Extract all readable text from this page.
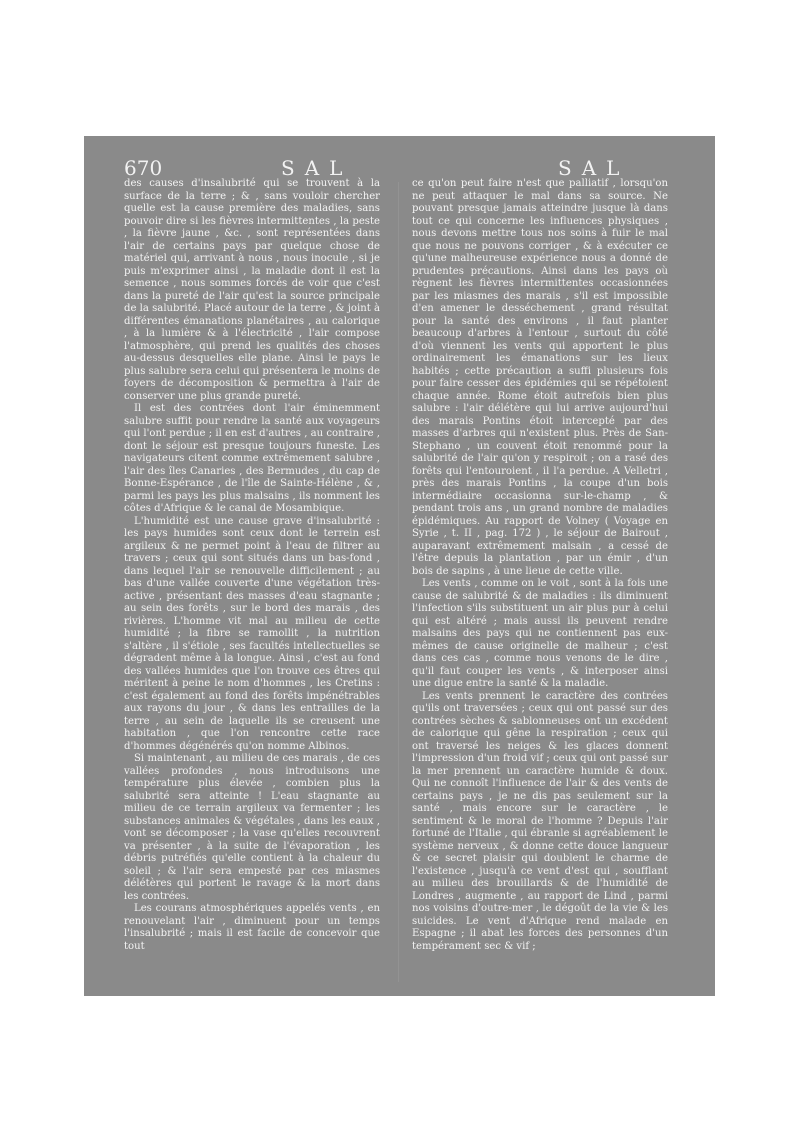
670	SAL	SAL

des causes d'insalubrité qui se trouvent à la surface de la terre ; & , sans vouloir chercher quelle est la cause première des maladies, sans pouvoir dire si les fièvres intermittentes , la peste , la fièvre jaune , &c. , sont représentées dans l'air de certains pays par quelque chose de matériel qui, arrivant à nous , nous inocule , si je puis m'exprimer ainsi , la maladie dont il est la semence , nous sommes forcés de voir que c'est dans la pureté de l'air qu'est la source principale de la salubrité. Placé autour de la terre , & joint à différentes émanations planétaires , au calorique , à la lumière & à l'électricité , l'air compose l'atmosphère, qui prend les qualités des choses au-dessus desquelles elle plane. Ainsi le pays le plus salubre sera celui qui présentera le moins de foyers de décomposition & permettra à l'air de conserver une plus grande pureté.

Il est des contrées dont l'air éminemment salubre suffit pour rendre la santé aux voyageurs qui l'ont perdue ; il en est d'autres , au contraire , dont le séjour est presque toujours funeste. Les navigateurs citent comme extrêmement salubre , l'air des îles Canaries , des Bermudes , du cap de Bonne-Espérance , de l'île de Sainte-Hélène , & , parmi les pays les plus malsains , ils nomment les côtes d'Afrique & le canal de Mosambique.

L'humidité est une cause grave d'insalubrité : les pays humides sont ceux dont le terrein est argileux & ne permet point à l'eau de filtrer au travers ; ceux qui sont situés dans un bas-fond , dans lequel l'air se renouvelle difficilement ; au bas d'une vallée couverte d'une végétation très-active , présentant des masses d'eau stagnante ; au sein des forêts , sur le bord des marais , des rivières. L'homme vit mal au milieu de cette humidité ; la fibre se ramollit , la nutrition s'altère , il s'étiole , ses facultés intellectuelles se dégradent même à la longue. Ainsi , c'est au fond des vallées humides que l'on trouve ces êtres qui méritent à peine le nom d'hommes , les Cretins : c'est également au fond des forêts impénétrables aux rayons du jour , & dans les entrailles de la terre , au sein de laquelle ils se creusent une habitation , que l'on rencontre cette race d'hommes dégénérés qu'on nomme Albinos.

Si maintenant , au milieu de ces marais , de ces vallées profondes , nous introduisons une température plus élevée , combien plus la salubrité sera atteinte ! L'eau stagnante au milieu de ce terrain argileux va fermenter ; les substances animales & végétales , dans les eaux , vont se décomposer ; la vase qu'elles recouvrent va présenter , à la suite de l'évaporation , les débris putréfiés qu'elle contient à la chaleur du soleil ; & l'air sera empesté par ces miasmes délétères qui portent le ravage & la mort dans les contrées.

Les courans atmosphériques appelés vents , en renouvelant l'air , diminuent pour un temps l'insalubrité ; mais il est facile de concevoir que tout

ce qu'on peut faire n'est que palliatif , lorsqu'on ne peut attaquer le mal dans sa source. Ne pouvant presque jamais atteindre jusque là dans tout ce qui concerne les influences physiques , nous devons mettre tous nos soins à fuir le mal que nous ne pouvons corriger , & à exécuter ce qu'une malheureuse expérience nous a donné de prudentes précautions. Ainsi dans les pays où règnent les fièvres intermittentes occasionnées par les miasmes des marais , s'il est impossible d'en amener le desséchement , grand résultat pour la santé des environs , il faut planter beaucoup d'arbres à l'entour , surtout du côté d'où viennent les vents qui apportent le plus ordinairement les émanations sur les lieux habités ; cette précaution a suffi plusieurs fois pour faire cesser des épidémies qui se répétoient chaque année. Rome étoit autrefois bien plus salubre : l'air délétère qui lui arrive aujourd'hui des marais Pontins étoit intercepté par des masses d'arbres qui n'existent plus. Près de San-Stephano , un couvent étoit renommé pour la salubrité de l'air qu'on y respiroit ; on a rasé des forêts qui l'entouroient , il l'a perdue. A Velletri , près des marais Pontins , la coupe d'un bois intermédiaire occasionna sur-le-champ , & pendant trois ans , un grand nombre de maladies épidémiques. Au rapport de Volney ( Voyage en Syrie , t. II , pag. 172 ) , le séjour de Bairout , auparavant extrêmement malsain , a cessé de l'être depuis la plantation , par un émir , d'un bois de sapins , à une lieue de cette ville.

Les vents , comme on le voit , sont à la fois une cause de salubrité & de maladies : ils diminuent l'infection s'ils substituent un air plus pur à celui qui est altéré ; mais aussi ils peuvent rendre malsains des pays qui ne contiennent pas eux-mêmes de cause originelle de malheur ; c'est dans ces cas , comme nous venons de le dire , qu'il faut couper les vents , & interposer ainsi une digue entre la santé & la maladie.

Les vents prennent le caractère des contrées qu'ils ont traversées ; ceux qui ont passé sur des contrées sèches & sablonneuses ont un excédent de calorique qui gêne la respiration ; ceux qui ont traversé les neiges & les glaces donnent l'impression d'un froid vif ; ceux qui ont passé sur la mer prennent un caractère humide & doux. Qui ne connoît l'influence de l'air & des vents de certains pays , je ne dis pas seulement sur la santé , mais encore sur le caractère , le sentiment & le moral de l'homme ? Depuis l'air fortuné de l'Italie , qui ébranle si agréablement le système nerveux , & donne cette douce langueur & ce secret plaisir qui doublent le charme de l'existence , jusqu'à ce vent d'est qui , soufflant au milieu des brouillards & de l'humidité de Londres , augmente , au rapport de Lind , parmi nos voisins d'outre-mer , le dégoût de la vie & les suicides. Le vent d'Afrique rend malade en Espagne ; il abat les forces des personnes d'un tempérament sec & vif ;
